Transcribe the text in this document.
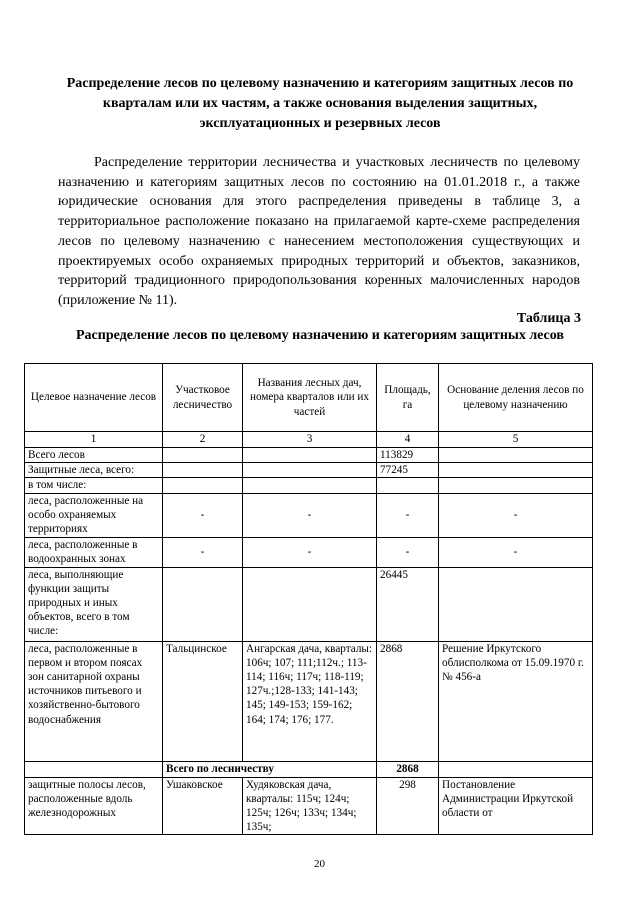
Распределение лесов по целевому назначению и категориям защитных лесов по кварталам или их частям, а также основания выделения защитных, эксплуатационных и резервных лесов
Распределение территории лесничества и участковых лесничеств по целевому назначению и категориям защитных лесов по состоянию на 01.01.2018 г., а также юридические основания для этого распределения приведены в таблице 3, а территориальное расположение показано на прилагаемой карте-схеме распределения лесов по целевому назначению с нанесением местоположения существующих и проектируемых особо охраняемых природных территорий и объектов, заказников, территорий традиционного природопользования коренных малочисленных народов (приложение № 11).
Таблица 3
Распределение лесов по целевому назначению и категориям защитных лесов
Целевое назначение лесов	Участковое лесничество	Названия лесных дач, номера кварталов или их частей	Площадь, га	Основание деления лесов по целевому назначению
1	2	3	4	5
Всего лесов			113829	
Защитные леса, всего:			77245	
в том числе:				
леса, расположенные на особо охраняемых территориях	-	-	-	-
леса, расположенные в водоохранных зонах	-	-	-	-
леса, выполняющие функции защиты природных и иных объектов, всего в том числе:			26445	
леса, расположенные в первом и втором поясах зон санитарной охраны источников питьевого и хозяйственно-бытового водоснабжения	Тальцинское	Ангарская дача, кварталы: 106ч; 107; 111;112ч.; 113-114; 116ч; 117ч; 118-119; 127ч.;128-133; 141-143; 145; 149-153; 159-162; 164; 174; 176; 177.	2868	Решение Иркутского облисполкома от 15.09.1970 г. № 456-а
	Всего по лесничеству		2868	
защитные полосы лесов, расположенные вдоль железнодорожных	Ушаковское	Худяковская дача, кварталы: 115ч; 124ч; 125ч; 126ч; 133ч; 134ч; 135ч;	298	Постановление Администрации Иркутской области от
20
